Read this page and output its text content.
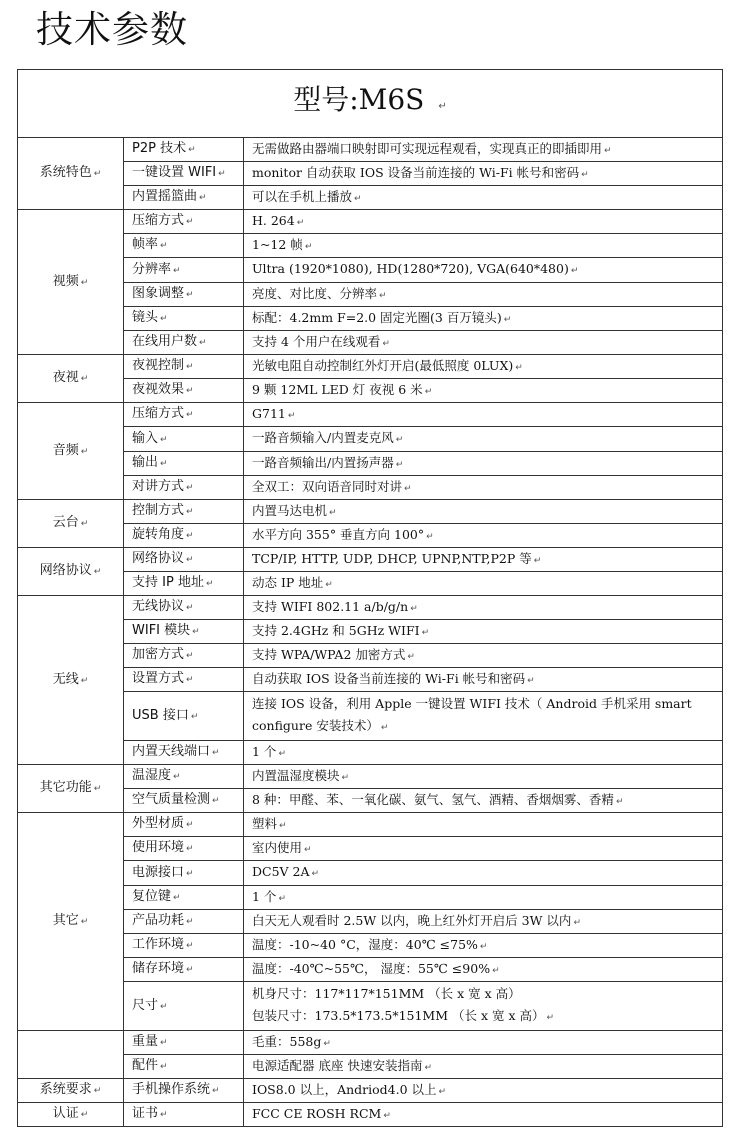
技术参数
型号:M6S ↵		
系统特色 ↵	P2P 技术 ↵	无需做路由器端口映射即可实现远程观看，实现真正的即插即用 ↵
	一键设置 WIFI ↵	monitor 自动获取 IOS 设备当前连接的 Wi-Fi 帐号和密码 ↵
	内置摇篮曲 ↵	可以在手机上播放 ↵
视频 ↵	压缩方式 ↵	H. 264 ↵
	帧率 ↵	1~12 帧 ↵
	分辨率 ↵	Ultra (1920*1080), HD(1280*720), VGA(640*480) ↵
	图象调整 ↵	亮度、对比度、分辨率 ↵
	镜头 ↵	标配：4.2mm F=2.0 固定光圈(3 百万镜头) ↵
	在线用户数 ↵	支持 4 个用户在线观看 ↵
夜视 ↵	夜视控制 ↵	光敏电阻自动控制红外灯开启(最低照度 0LUX) ↵
	夜视效果 ↵	9 颗 12ML LED 灯 夜视 6 米 ↵
音频 ↵	压缩方式 ↵	G711 ↵
	输入 ↵	一路音频输入/内置麦克风 ↵
	输出 ↵	一路音频输出/内置扬声器 ↵
	对讲方式 ↵	全双工：双向语音同时对讲 ↵
云台 ↵	控制方式 ↵	内置马达电机 ↵
	旋转角度 ↵	水平方向 355° 垂直方向 100° ↵
网络协议 ↵	网络协议 ↵	TCP/IP, HTTP, UDP, DHCP, UPNP,NTP,P2P 等 ↵
	支持 IP 地址 ↵	动态 IP 地址 ↵
无线 ↵	无线协议 ↵	支持 WIFI 802.11 a/b/g/n ↵
	WIFI 模块 ↵	支持 2.4GHz 和 5GHz WIFI ↵
	加密方式 ↵	支持 WPA/WPA2 加密方式 ↵
	设置方式 ↵	自动获取 IOS 设备当前连接的 Wi-Fi 帐号和密码 ↵
	USB 接口 ↵	连接 IOS 设备，利用 Apple 一键设置 WIFI 技术（ Android 手机采用 smart configure 安装技术） ↵
	内置天线端口 ↵	1 个 ↵
其它功能 ↵	温湿度 ↵	内置温湿度模块 ↵
	空气质量检测 ↵	8 种：甲醛、苯、一氧化碳、氨气、氢气、酒精、香烟烟雾、香精 ↵
其它 ↵	外型材质 ↵	塑料 ↵
	使用环境 ↵	室内使用 ↵
	电源接口 ↵	DC5V 2A ↵
	复位键 ↵	1 个 ↵
	产品功耗 ↵	白天无人观看时 2.5W 以内，晚上红外灯开启后 3W 以内 ↵
	工作环境 ↵	温度：-10~40 °C，湿度：40℃ ≤75% ↵
	储存环境 ↵	温度：-40℃~55℃， 湿度：55℃ ≤90% ↵
	尺寸 ↵	机身尺寸：117*117*151MM （长 x 宽 x 高）
包装尺寸：173.5*173.5*151MM （长 x 宽 x 高） ↵
	重量 ↵	毛重：558g ↵
	配件 ↵	电源适配器 底座 快速安装指南 ↵
系统要求 ↵	手机操作系统 ↵	IOS8.0 以上，Andriod4.0 以上 ↵
认证 ↵	证书 ↵	FCC CE ROSH RCM ↵
